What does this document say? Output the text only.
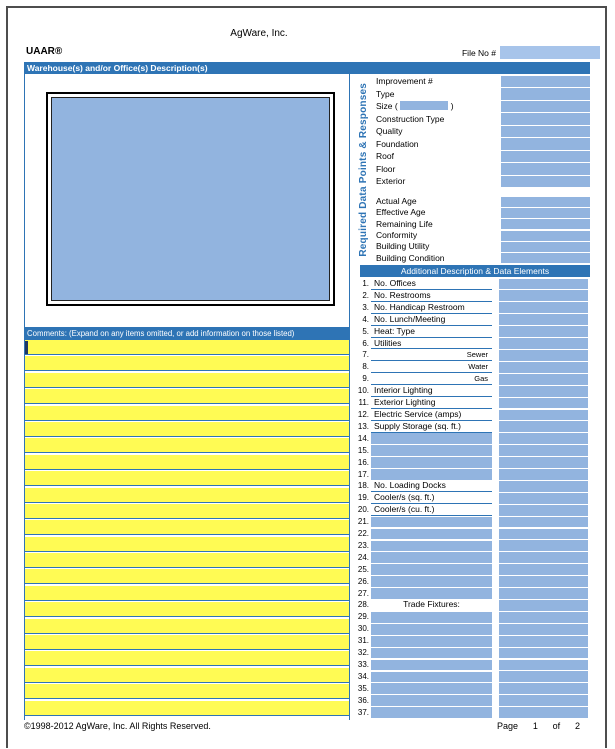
AgWare, Inc.
UAAR®	File No #
Warehouse(s) and/or Office(s) Description(s)
Comments: (Expand on any items omitted, or add information on those listed)
Required Data Points & Responses
Improvement #
Type
Size (	)
Construction Type
Quality
Foundation
Roof
Floor
Exterior
Actual Age
Effective Age
Remaining Life
Conformity
Building Utility
Building Condition
Additional Description & Data Elements
1. No. Offices
2. No. Restrooms
3. No. Handicap Restroom
4. No. Lunch/Meeting
5. Heat: Type
6. Utilities
7.	Sewer
8.	Water
9.	Gas
10. Interior Lighting
11. Exterior Lighting
12. Electric Service (amps)
13. Supply Storage (sq. ft.)
14.
15.
16.
17.
18. No. Loading Docks
19. Cooler/s (sq. ft.)
20. Cooler/s (cu. ft.)
21.
22.
23.
24.
25.
26.
27.
28.	Trade Fixtures:
29.
30.
31.
32.
33.
34.
35.
36.
37.
©1998-2012 AgWare, Inc. All Rights Reserved.	Page 1 of 2
